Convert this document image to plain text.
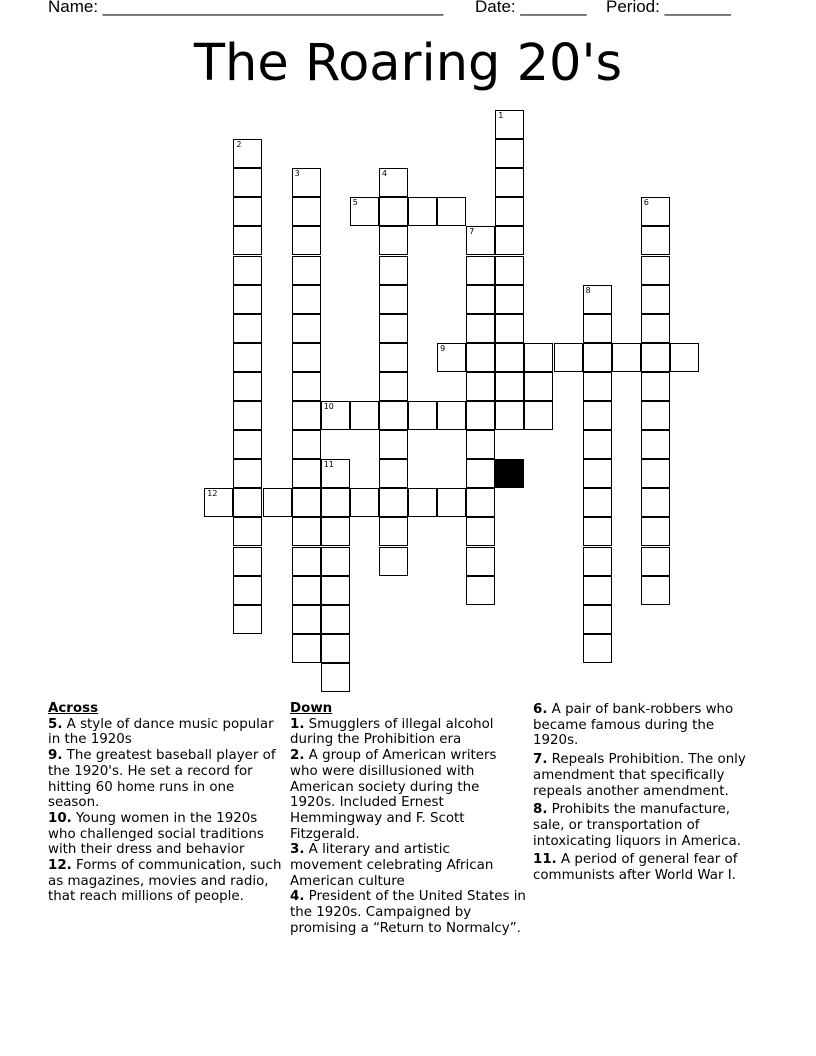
Name: ____________________________________ Date: _______ Period: _______
The Roaring 20's
1
2
3	4
6
7
8
11
5
9
10
12
Across

5. A style of dance music popular in the 1920s

9. The greatest baseball player of the 1920's. He set a record for hitting 60 home runs in one season.

10. Young women in the 1920s who challenged social traditions with their dress and behavior

12. Forms of communication, such as magazines, movies and radio, that reach millions of people.

Down

1. Smugglers of illegal alcohol during the Prohibition era

2. A group of American writers who were disillusioned with American society during the 1920s. Included Ernest Hemmingway and F. Scott Fitzgerald.

3. A literary and artistic movement celebrating African American culture

4. President of the United States in the 1920s. Campaigned by promising a “Return to Normalcy”.

6. A pair of bank-robbers who became famous during the 1920s.

7. Repeals Prohibition. The only amendment that specifically repeals another amendment.

8. Prohibits the manufacture, sale, or transportation of intoxicating liquors in America.

11. A period of general fear of communists after World War I.
